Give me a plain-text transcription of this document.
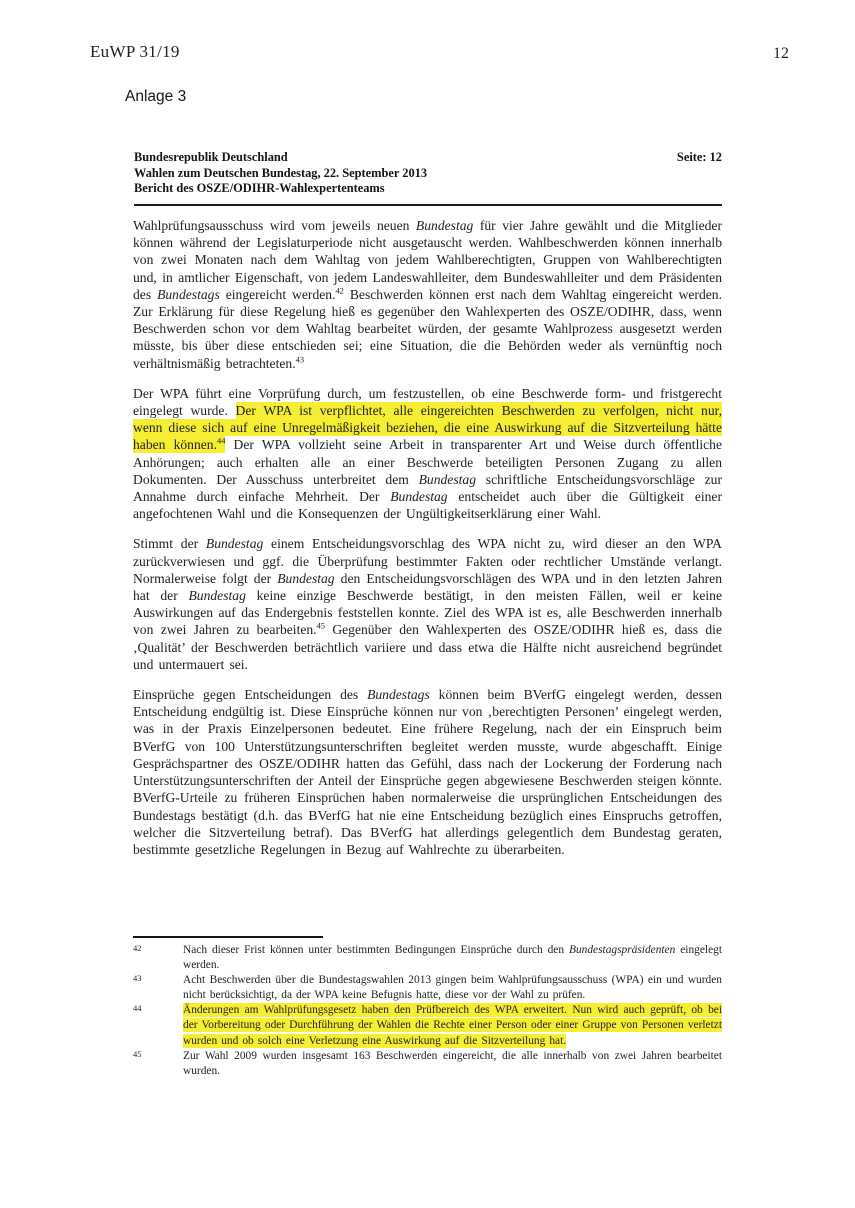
EuWP 31/19	12
Anlage 3
Bundesrepublik Deutschland	Seite: 12
Wahlen zum Deutschen Bundestag, 22. September 2013
Bericht des OSZE/ODIHR-Wahlexpertenteams
Wahlprüfungsausschuss wird vom jeweils neuen Bundestag für vier Jahre gewählt und die Mitglieder können während der Legislaturperiode nicht ausgetauscht werden. Wahlbeschwerden können innerhalb von zwei Monaten nach dem Wahltag von jedem Wahlberechtigten, Gruppen von Wahlberechtigten und, in amtlicher Eigenschaft, von jedem Landeswahlleiter, dem Bundeswahlleiter und dem Präsidenten des Bundestags eingereicht werden.$^{42}$ Beschwerden können erst nach dem Wahltag eingereicht werden. Zur Erklärung für diese Regelung hieß es gegenüber den Wahlexperten des OSZE/ODIHR, dass, wenn Beschwerden schon vor dem Wahltag bearbeitet würden, der gesamte Wahlprozess ausgesetzt werden müsste, bis über diese entschieden sei; eine Situation, die die Behörden weder als vernünftig noch verhältnismäßig betrachteten.$^{43}$
Der WPA führt eine Vorprüfung durch, um festzustellen, ob eine Beschwerde form- und fristgerecht eingelegt wurde. Der WPA ist verpflichtet, alle eingereichten Beschwerden zu verfolgen, nicht nur, wenn diese sich auf eine Unregelmäßigkeit beziehen, die eine Auswirkung auf die Sitzverteilung hätte haben können.$^{44}$ Der WPA vollzieht seine Arbeit in transparenter Art und Weise durch öffentliche Anhörungen; auch erhalten alle an einer Beschwerde beteiligten Personen Zugang zu allen Dokumenten. Der Ausschuss unterbreitet dem Bundestag schriftliche Entscheidungsvorschläge zur Annahme durch einfache Mehrheit. Der Bundestag entscheidet auch über die Gültigkeit einer angefochtenen Wahl und die Konsequenzen der Ungültigkeitserklärung einer Wahl.
Stimmt der Bundestag einem Entscheidungsvorschlag des WPA nicht zu, wird dieser an den WPA zurückverwiesen und ggf. die Überprüfung bestimmter Fakten oder rechtlicher Umstände verlangt. Normalerweise folgt der Bundestag den Entscheidungsvorschlägen des WPA und in den letzten Jahren hat der Bundestag keine einzige Beschwerde bestätigt, in den meisten Fällen, weil er keine Auswirkungen auf das Endergebnis feststellen konnte. Ziel des WPA ist es, alle Beschwerden innerhalb von zwei Jahren zu bearbeiten.$^{45}$ Gegenüber den Wahlexperten des OSZE/ODIHR hieß es, dass die ‚Qualität’ der Beschwerden beträchtlich variiere und dass etwa die Hälfte nicht ausreichend begründet und untermauert sei.
Einsprüche gegen Entscheidungen des Bundestags können beim BVerfG eingelegt werden, dessen Entscheidung endgültig ist. Diese Einsprüche können nur von ‚berechtigten Personen’ eingelegt werden, was in der Praxis Einzelpersonen bedeutet. Eine frühere Regelung, nach der ein Einspruch beim BVerfG von 100 Unterstützungsunterschriften begleitet werden musste, wurde abgeschafft. Einige Gesprächspartner des OSZE/ODIHR hatten das Gefühl, dass nach der Lockerung der Forderung nach Unterstützungsunterschriften der Anteil der Einsprüche gegen abgewiesene Beschwerden steigen könnte. BVerfG-Urteile zu früheren Einsprüchen haben normalerweise die ursprünglichen Entscheidungen des Bundestags bestätigt (d.h. das BVerfG hat nie eine Entscheidung bezüglich eines Einspruchs getroffen, welcher die Sitzverteilung betraf). Das BVerfG hat allerdings gelegentlich dem Bundestag geraten, bestimmte gesetzliche Regelungen in Bezug auf Wahlrechte zu überarbeiten.
42	Nach dieser Frist können unter bestimmten Bedingungen Einsprüche durch den Bundestagspräsidenten eingelegt werden.
43	Acht Beschwerden über die Bundestagswahlen 2013 gingen beim Wahlprüfungsausschuss (WPA) ein und wurden nicht berücksichtigt, da der WPA keine Befugnis hatte, diese vor der Wahl zu prüfen.
44	Änderungen am Wahlprüfungsgesetz haben den Prüfbereich des WPA erweitert. Nun wird auch geprüft, ob bei der Vorbereitung oder Durchführung der Wahlen die Rechte einer Person oder einer Gruppe von Personen verletzt wurden und ob solch eine Verletzung eine Auswirkung auf die Sitzverteilung hat.
45	Zur Wahl 2009 wurden insgesamt 163 Beschwerden eingereicht, die alle innerhalb von zwei Jahren bearbeitet wurden.
